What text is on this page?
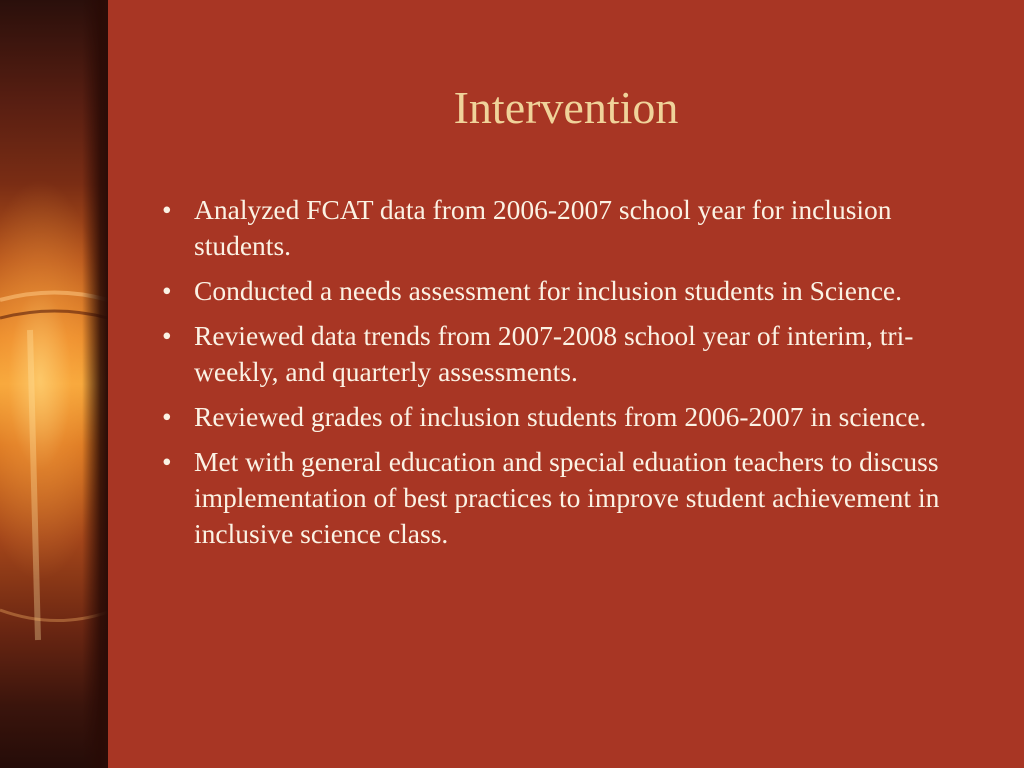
Intervention
• Analyzed FCAT data from 2006-2007 school year for inclusion students.
• Conducted a needs assessment for inclusion students in Science.
• Reviewed data trends from 2007-2008 school year of interim, tri-weekly, and quarterly assessments.
• Reviewed grades of inclusion students from 2006-2007 in science.
• Met with general education and special eduation teachers to discuss implementation of best practices to improve student achievement in inclusive science class.
